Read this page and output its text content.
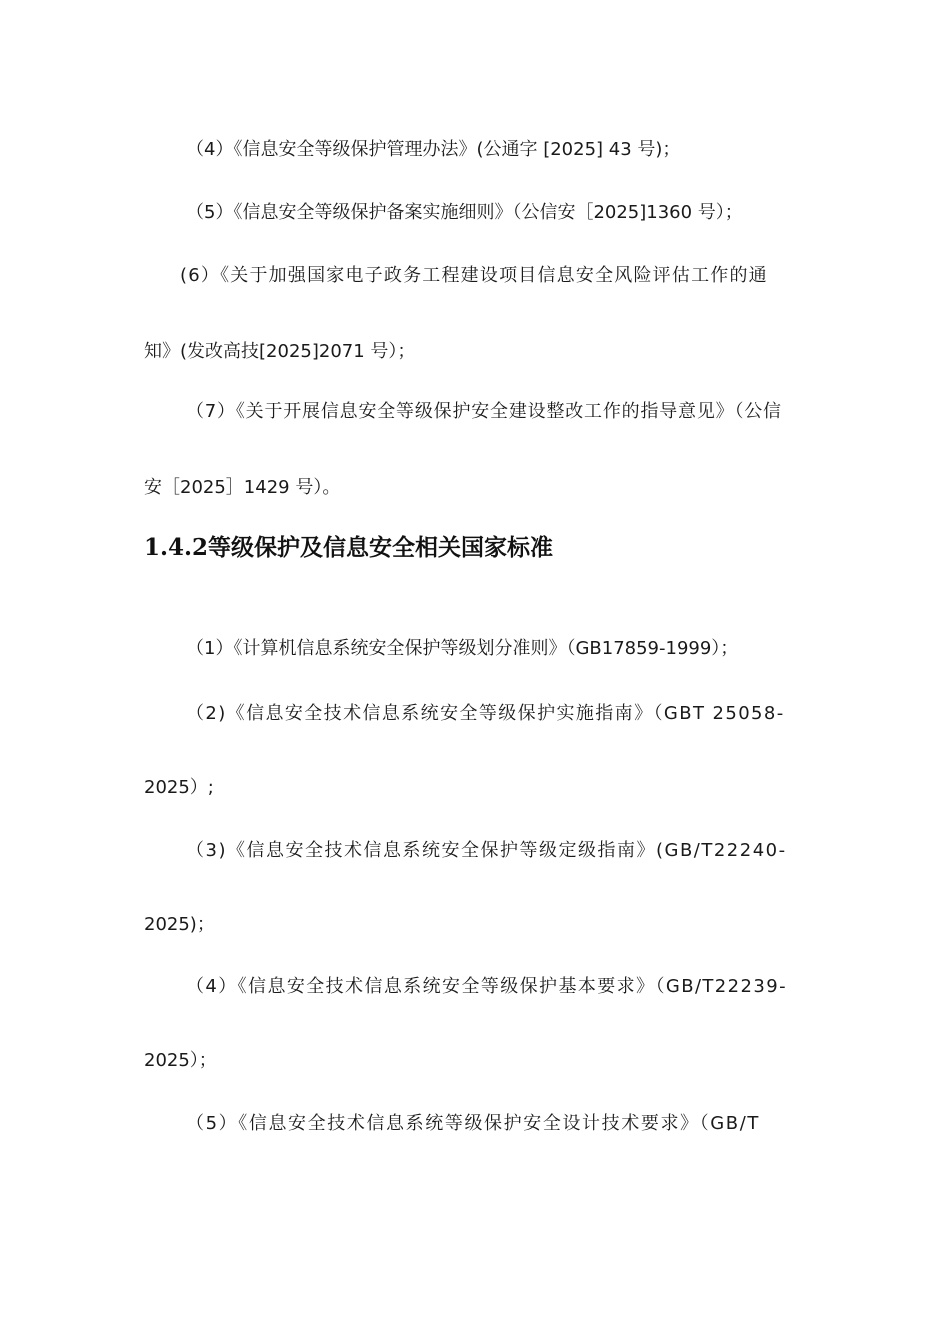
（4）《信息安全等级保护管理办法》(公通字 [2025] 43 号)；
（5）《信息安全等级保护备案实施细则》（公信安［2025]1360 号）；
(6）《关于加强国家电子政务工程建设项目信息安全风险评估工作的通
知》(发改高技[2025]2071 号）；
（7）《关于开展信息安全等级保护安全建设整改工作的指导意见》（公信
安［2025］1429 号）。
1.4.2等级保护及信息安全相关国家标准
（1）《计算机信息系统安全保护等级划分准则》（GB17859-1999）；
（2)《信息安全技术信息系统安全等级保护实施指南》（GBT 25058-
2025）;
（3)《信息安全技术信息系统安全保护等级定级指南》(GB/T22240-
2025)；
（4）《信息安全技术信息系统安全等级保护基本要求》（GB/T22239-
2025）；
（5）《信息安全技术信息系统等级保护安全设计技术要求》（GB/T
